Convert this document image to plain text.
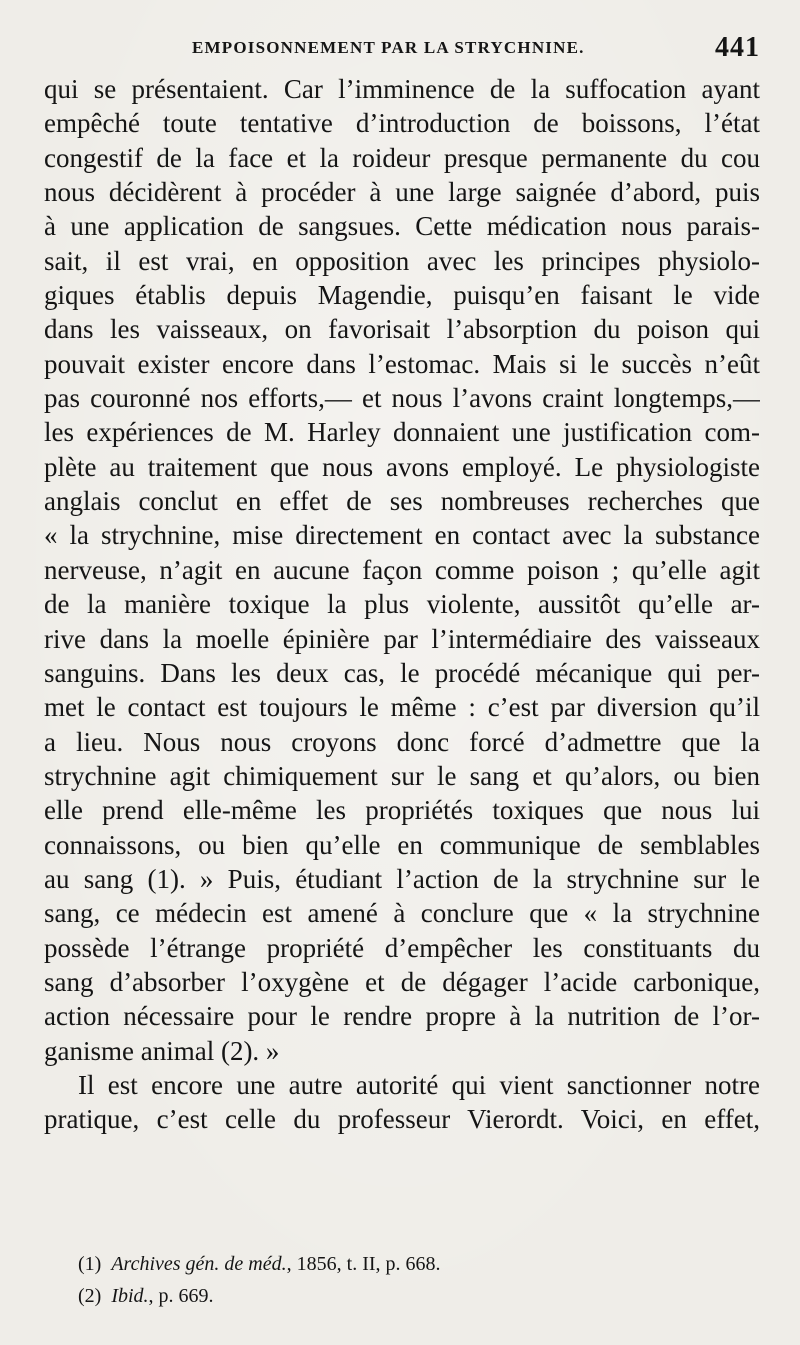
EMPOISONNEMENT PAR LA STRYCHNINE.	441
qui se présentaient. Car l’imminence de la suffocation ayant
empêché toute tentative d’introduction de boissons, l’état
congestif de la face et la roideur presque permanente du cou
nous décidèrent à procéder à une large saignée d’abord, puis
à une application de sangsues. Cette médication nous parais-
sait, il est vrai, en opposition avec les principes physiolo-
giques établis depuis Magendie, puisqu’en faisant le vide
dans les vaisseaux, on favorisait l’absorption du poison qui
pouvait exister encore dans l’estomac. Mais si le succès n’eût
pas couronné nos efforts,— et nous l’avons craint longtemps,—
les expériences de M. Harley donnaient une justification com-
plète au traitement que nous avons employé. Le physiologiste
anglais conclut en effet de ses nombreuses recherches que
« la strychnine, mise directement en contact avec la substance
nerveuse, n’agit en aucune façon comme poison ; qu’elle agit
de la manière toxique la plus violente, aussitôt qu’elle ar-
rive dans la moelle épinière par l’intermédiaire des vaisseaux
sanguins. Dans les deux cas, le procédé mécanique qui per-
met le contact est toujours le même : c’est par diversion qu’il
a lieu. Nous nous croyons donc forcé d’admettre que la
strychnine agit chimiquement sur le sang et qu’alors, ou bien
elle prend elle-même les propriétés toxiques que nous lui
connaissons, ou bien qu’elle en communique de semblables
au sang (1). » Puis, étudiant l’action de la strychnine sur le
sang, ce médecin est amené à conclure que « la strychnine
possède l’étrange propriété d’empêcher les constituants du
sang d’absorber l’oxygène et de dégager l’acide carbonique,
action nécessaire pour le rendre propre à la nutrition de l’or-
ganisme animal (2). »
Il est encore une autre autorité qui vient sanctionner notre
pratique, c’est celle du professeur Vierordt. Voici, en effet,
(1) Archives gén. de méd., 1856, t. II, p. 668.
(2) Ibid., p. 669.
